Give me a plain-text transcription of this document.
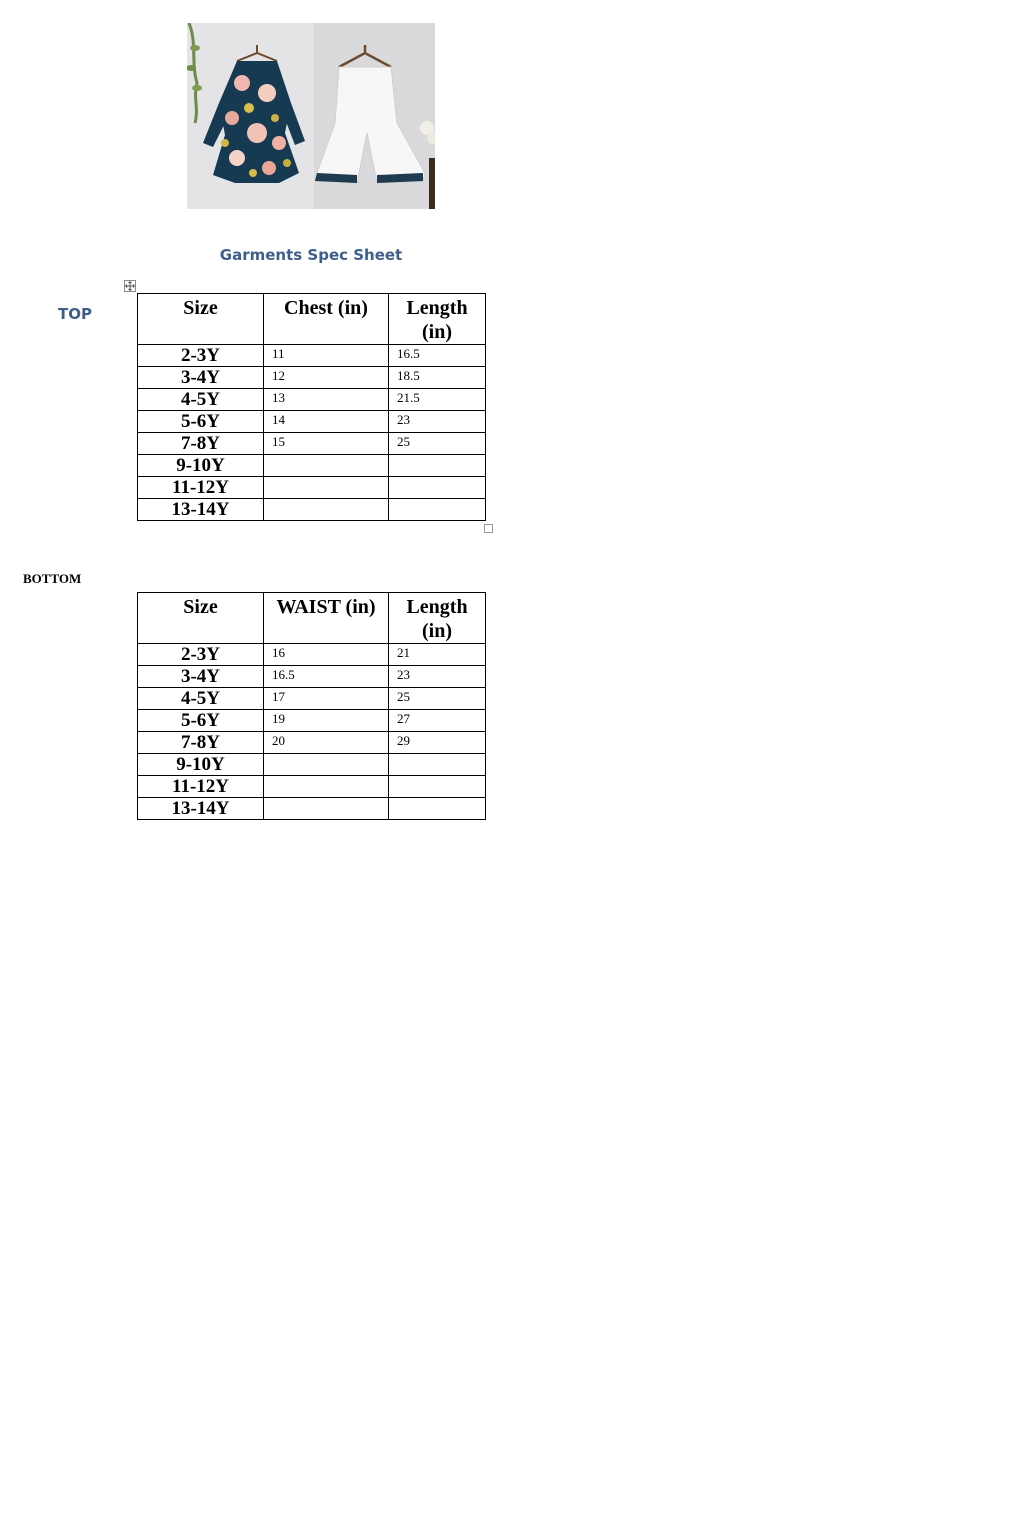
Garments Spec Sheet
TOP	Size	Chest (in)	Length (in)
2-3Y	11	16.5
3-4Y	12	18.5
4-5Y	13	21.5
5-6Y	14	23
7-8Y	15	25
9-10Y		
11-12Y		
13-14Y		
BOTTOM
Size	WAIST (in)	Length (in)
2-3Y	16	21
3-4Y	16.5	23
4-5Y	17	25
5-6Y	19	27
7-8Y	20	29
9-10Y		
11-12Y		
13-14Y		
